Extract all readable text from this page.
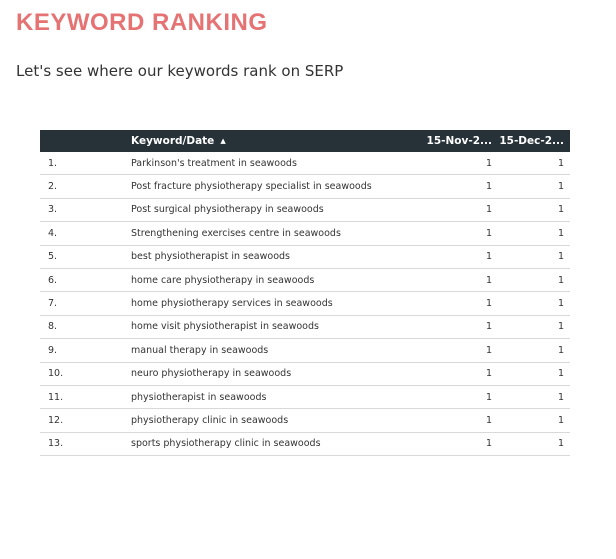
KEYWORD RANKING

Let's see where our keywords rank on SERP

	Keyword/Date ▲	15-Nov-2...	15-Dec-2...
1.	Parkinson's treatment in seawoods	1	1
2.	Post fracture physiotherapy specialist in seawoods	1	1
3.	Post surgical physiotherapy in seawoods	1	1
4.	Strengthening exercises centre in seawoods	1	1
5.	best physiotherapist in seawoods	1	1
6.	home care physiotherapy in seawoods	1	1
7.	home physiotherapy services in seawoods	1	1
8.	home visit physiotherapist in seawoods	1	1
9.	manual therapy in seawoods	1	1
10.	neuro physiotherapy in seawoods	1	1
11.	physiotherapist in seawoods	1	1
12.	physiotherapy clinic in seawoods	1	1
13.	sports physiotherapy clinic in seawoods	1	1
